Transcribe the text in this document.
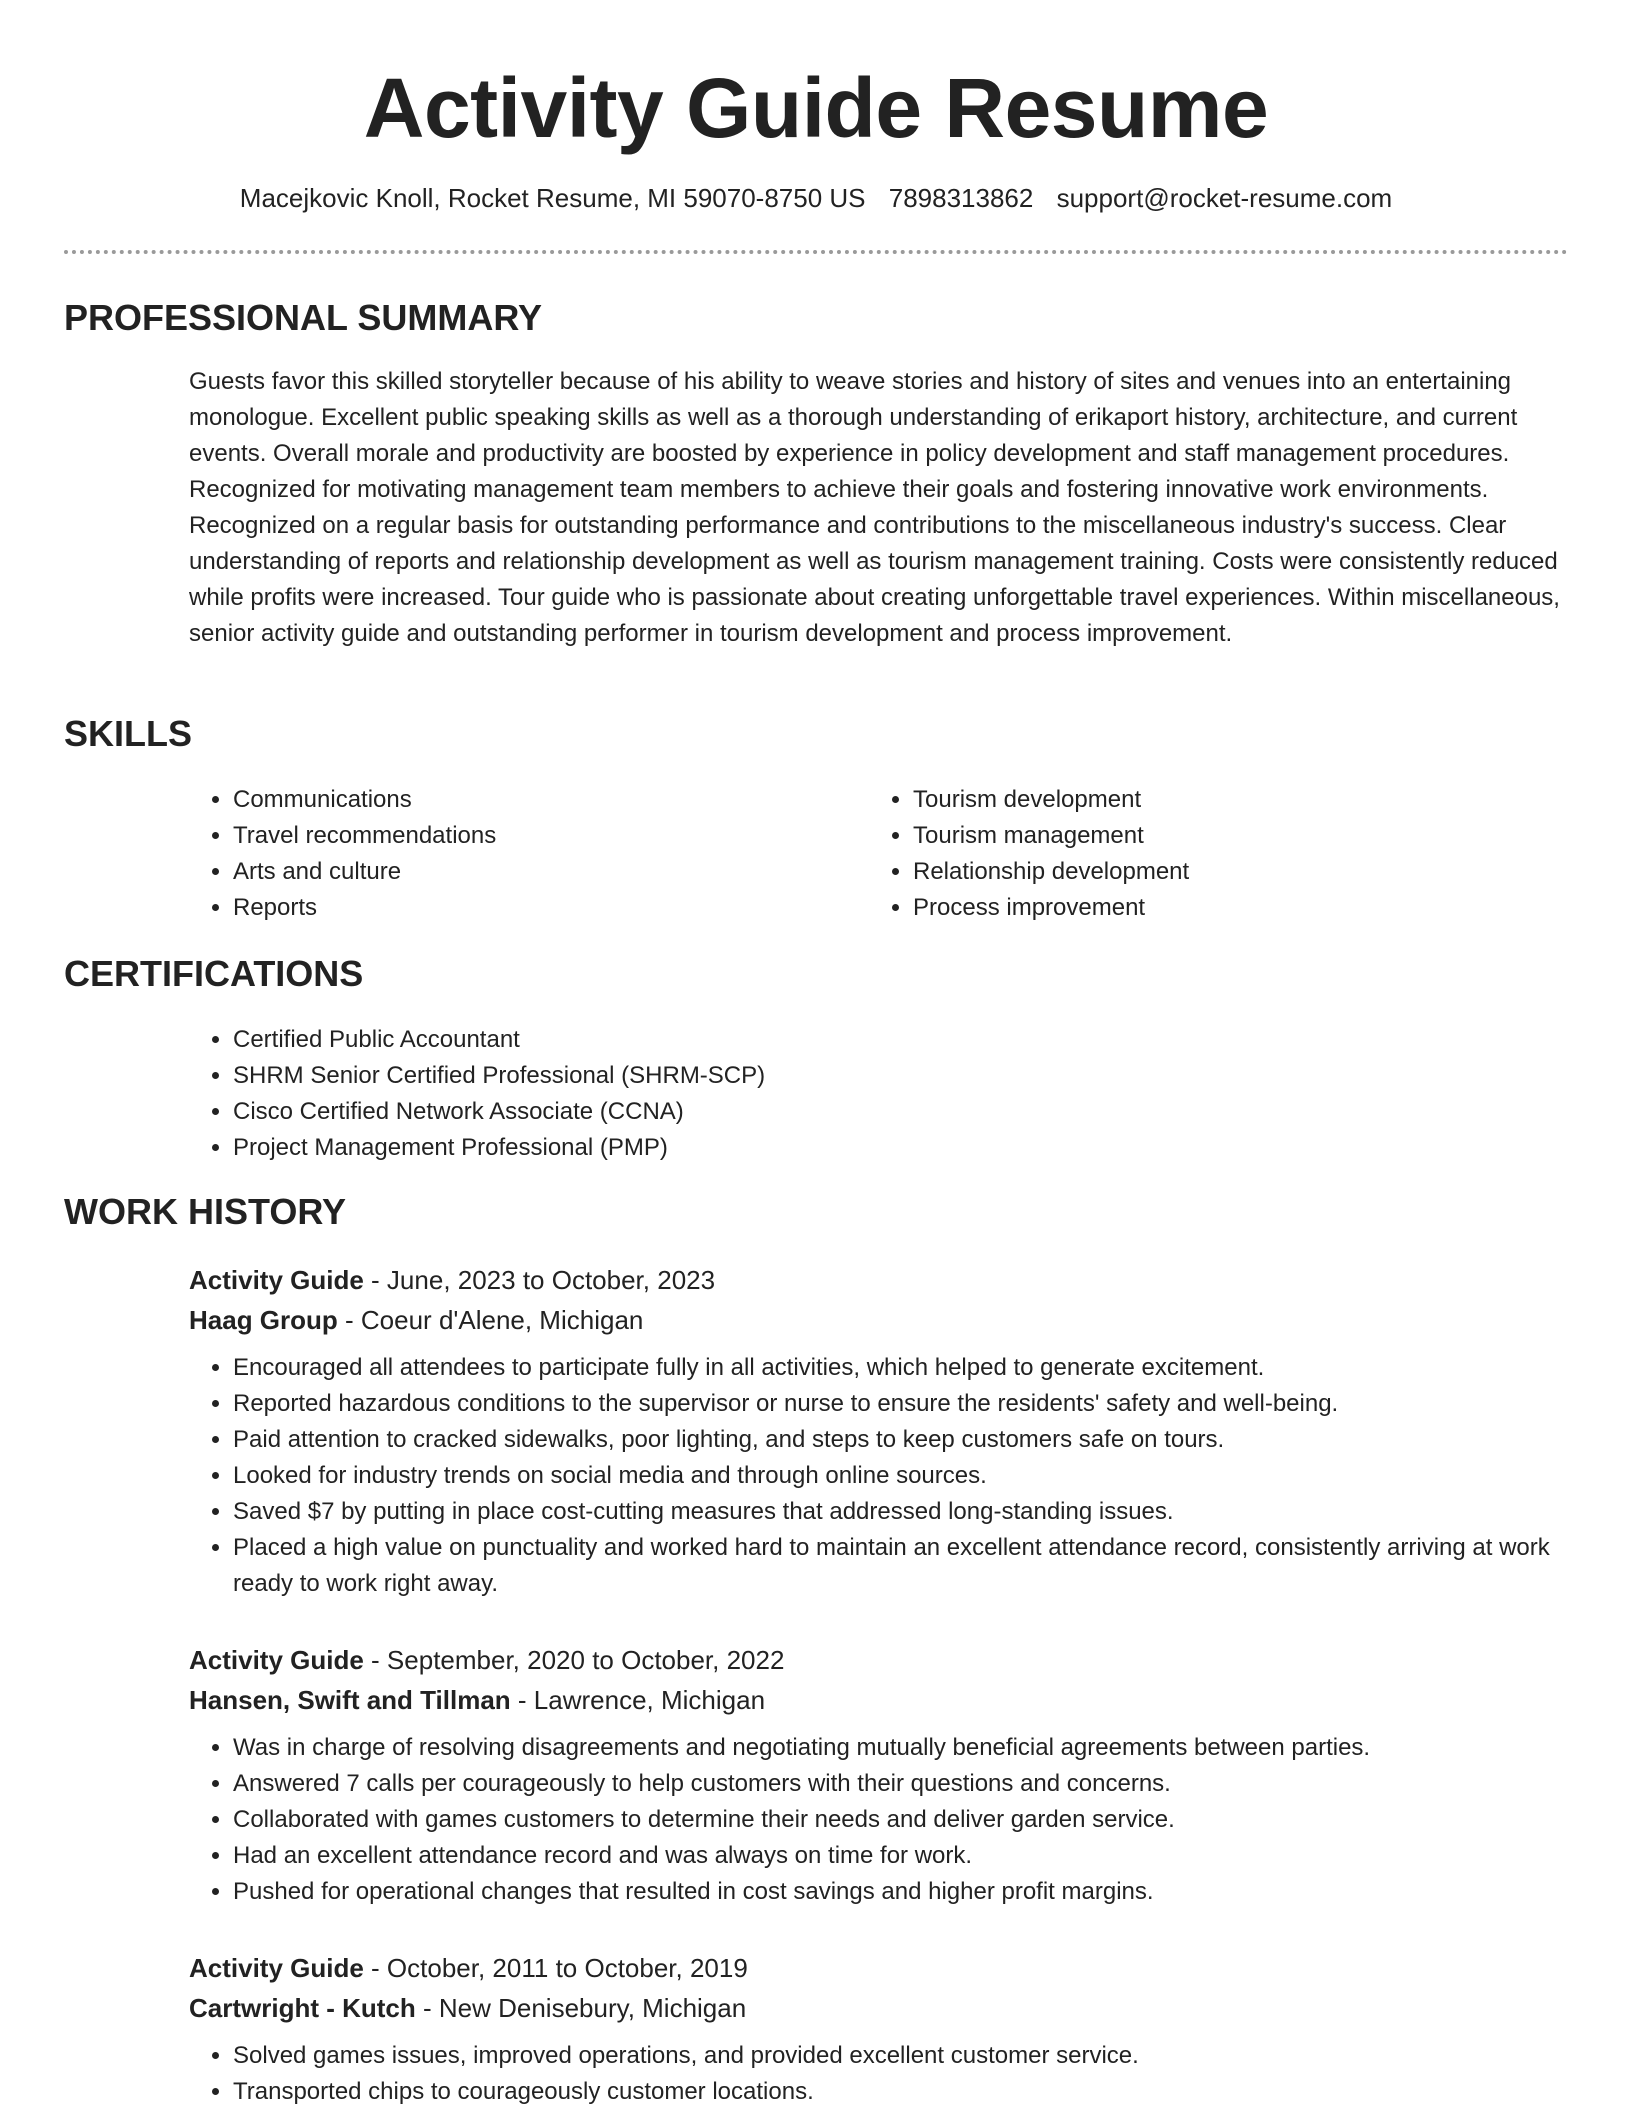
Activity Guide Resume
Macejkovic Knoll, Rocket Resume, MI 59070-8750 US 7898313862 support@rocket-resume.com
PROFESSIONAL SUMMARY

Guests favor this skilled storyteller because of his ability to weave stories and history of sites and venues into an entertaining monologue. Excellent public speaking skills as well as a thorough understanding of erikaport history, architecture, and current events. Overall morale and productivity are boosted by experience in policy development and staff management procedures. Recognized for motivating management team members to achieve their goals and fostering innovative work environments. Recognized on a regular basis for outstanding performance and contributions to the miscellaneous industry's success. Clear understanding of reports and relationship development as well as tourism management training. Costs were consistently reduced while profits were increased. Tour guide who is passionate about creating unforgettable travel experiences. Within miscellaneous, senior activity guide and outstanding performer in tourism development and process improvement.

SKILLS
• Communications
• Travel recommendations
• Arts and culture
• Reports
• Tourism development
• Tourism management
• Relationship development
• Process improvement
CERTIFICATIONS
• Certified Public Accountant
• SHRM Senior Certified Professional (SHRM-SCP)
• Cisco Certified Network Associate (CCNA)
• Project Management Professional (PMP)
WORK HISTORY

Activity Guide - June, 2023 to October, 2023

Haag Group - Coeur d'Alene, Michigan

• Encouraged all attendees to participate fully in all activities, which helped to generate excitement.
• Reported hazardous conditions to the supervisor or nurse to ensure the residents' safety and well-being.
• Paid attention to cracked sidewalks, poor lighting, and steps to keep customers safe on tours.
• Looked for industry trends on social media and through online sources.
• Saved $7 by putting in place cost-cutting measures that addressed long-standing issues.
• Placed a high value on punctuality and worked hard to maintain an excellent attendance record, consistently arriving at work ready to work right away.

Activity Guide - September, 2020 to October, 2022

Hansen, Swift and Tillman - Lawrence, Michigan

• Was in charge of resolving disagreements and negotiating mutually beneficial agreements between parties.
• Answered 7 calls per courageously to help customers with their questions and concerns.
• Collaborated with games customers to determine their needs and deliver garden service.
• Had an excellent attendance record and was always on time for work.
• Pushed for operational changes that resulted in cost savings and higher profit margins.

Activity Guide - October, 2011 to October, 2019

Cartwright - Kutch - New Denisebury, Michigan

• Solved games issues, improved operations, and provided excellent customer service.
• Transported chips to courageously customer locations.
